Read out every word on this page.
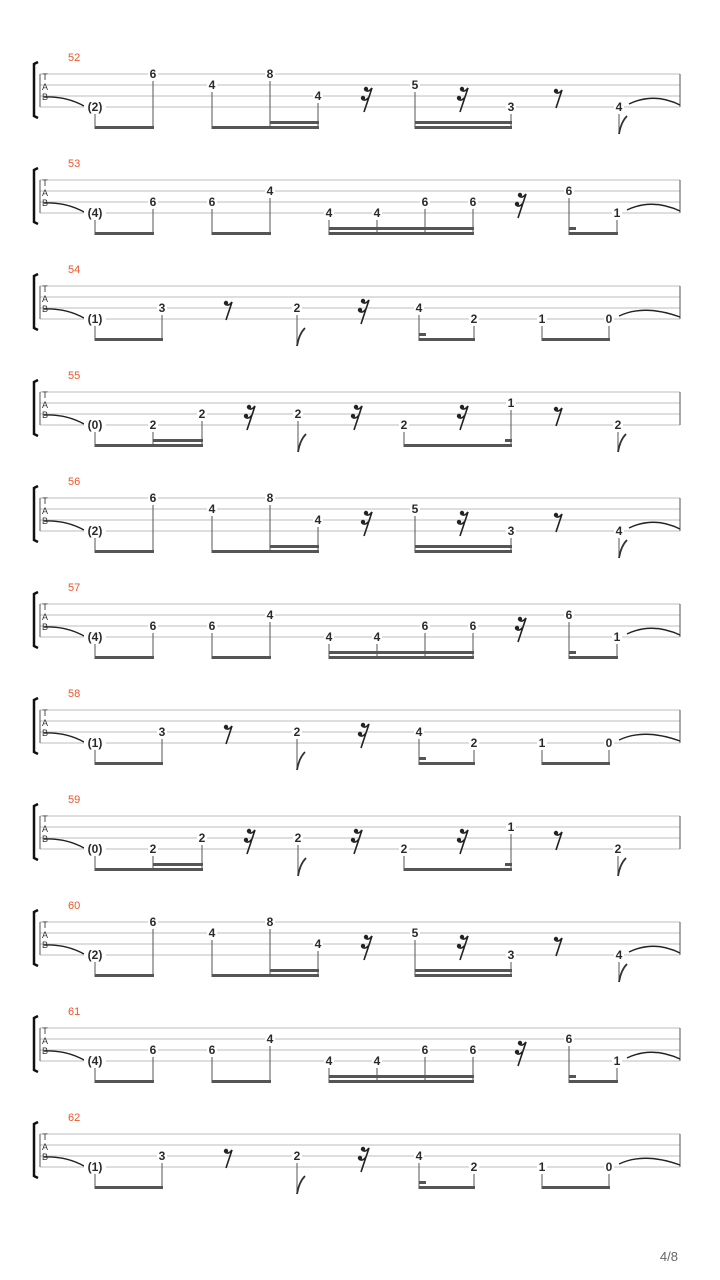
T
A
B
52
(2)
6
4
8
4
5
3	4
T
A
B
53
(4)
6	6
4
4	4
6	6
6
1
T
A
B
54
(1)
3	2	4
2	1	0
T
A
B
55
(0)	2
2	2
2
1
2
T
A
B
56
(2)
6
4
8
4
5
3	4
T
A
B
57
(4)
6	6
4
4	4
6	6
6
1
T
A
B
58
(1)
3	2	4
2	1	0
T
A
B
59
(0)	2
2	2
2
1
2
T
A
B
60
(2)
6
4
8
4
5
3	4
T
A
B
61
(4)
6	6
4
4	4
6	6
6
1
T
A
B
62
(1)
3	2	4
2	1	0
4/8
